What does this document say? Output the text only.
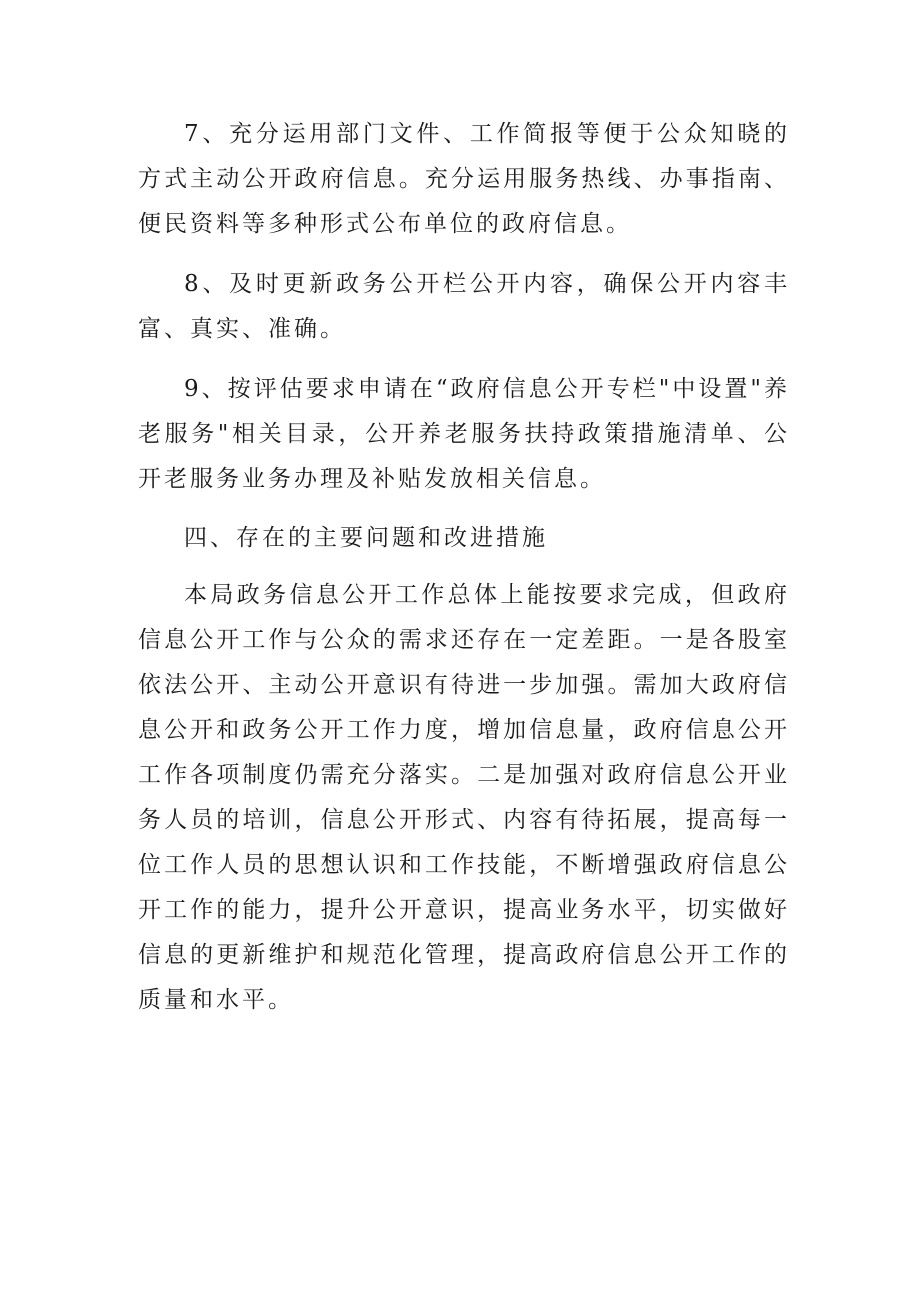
7、充分运用部门文件、工作简报等便于公众知晓的方式主动公开政府信息。充分运用服务热线、办事指南、便民资料等多种形式公布单位的政府信息。

8、及时更新政务公开栏公开内容，确保公开内容丰富、真实、准确。

9、按评估要求申请在“政府信息公开专栏"中设置"养老服务"相关目录，公开养老服务扶持政策措施清单、公开老服务业务办理及补贴发放相关信息。

四、存在的主要问题和改进措施

本局政务信息公开工作总体上能按要求完成，但政府信息公开工作与公众的需求还存在一定差距。一是各股室依法公开、主动公开意识有待进一步加强。需加大政府信息公开和政务公开工作力度，增加信息量，政府信息公开工作各项制度仍需充分落实。二是加强对政府信息公开业务人员的培训，信息公开形式、内容有待拓展，提高每一位工作人员的思想认识和工作技能，不断增强政府信息公开工作的能力，提升公开意识，提高业务水平，切实做好信息的更新维护和规范化管理，提高政府信息公开工作的质量和水平。
